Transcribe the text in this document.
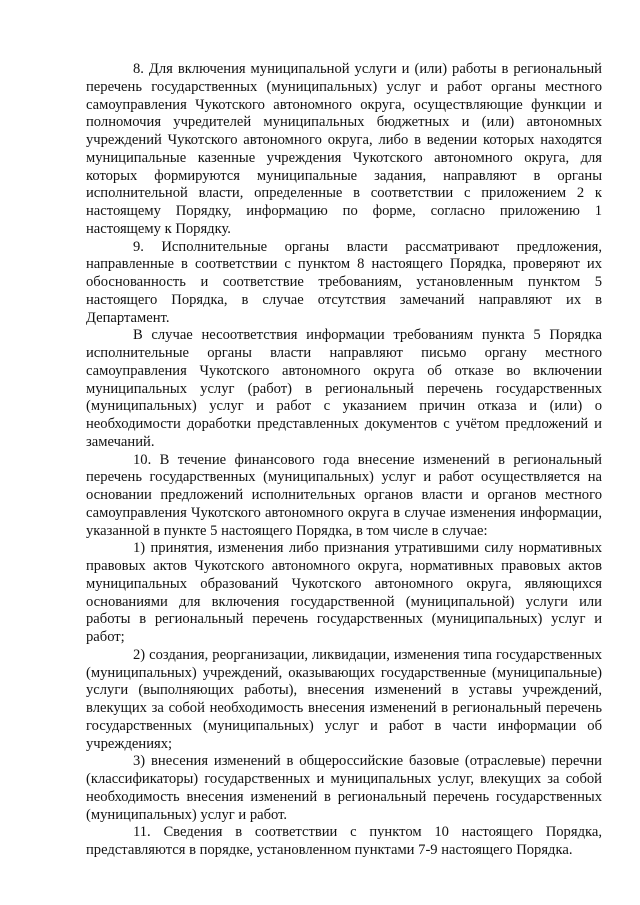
8. Для включения муниципальной услуги и (или) работы в региональный перечень государственных (муниципальных) услуг и работ органы местного самоуправления Чукотского автономного округа, осуществляющие функции и полномочия учредителей муниципальных бюджетных и (или) автономных учреждений Чукотского автономного округа, либо в ведении которых находятся муниципальные казенные учреждения Чукотского автономного округа, для которых формируются муниципальные задания, направляют в органы исполнительной власти, определенные в соответствии с приложением 2 к настоящему Порядку, информацию по форме, согласно приложению 1 настоящему к Порядку.

9. Исполнительные органы власти рассматривают предложения, направленные в соответствии с пунктом 8 настоящего Порядка, проверяют их обоснованность и соответствие требованиям, установленным пунктом 5 настоящего Порядка, в случае отсутствия замечаний направляют их в Департамент.

В случае несоответствия информации требованиям пункта 5 Порядка исполнительные органы власти направляют письмо органу местного самоуправления Чукотского автономного округа об отказе во включении муниципальных услуг (работ) в региональный перечень государственных (муниципальных) услуг и работ с указанием причин отказа и (или) о необходимости доработки представленных документов с учётом предложений и замечаний.

10. В течение финансового года внесение изменений в региональный перечень государственных (муниципальных) услуг и работ осуществляется на основании предложений исполнительных органов власти и органов местного самоуправления Чукотского автономного округа в случае изменения информации, указанной в пункте 5 настоящего Порядка, в том числе в случае:

1) принятия, изменения либо признания утратившими силу нормативных правовых актов Чукотского автономного округа, нормативных правовых актов муниципальных образований Чукотского автономного округа, являющихся основаниями для включения государственной (муниципальной) услуги или работы в региональный перечень государственных (муниципальных) услуг и работ;

2) создания, реорганизации, ликвидации, изменения типа государственных (муниципальных) учреждений, оказывающих государственные (муниципальные) услуги (выполняющих работы), внесения изменений в уставы учреждений, влекущих за собой необходимость внесения изменений в региональный перечень государственных (муниципальных) услуг и работ в части информации об учреждениях;

3) внесения изменений в общероссийские базовые (отраслевые) перечни (классификаторы) государственных и муниципальных услуг, влекущих за собой необходимость внесения изменений в региональный перечень государственных (муниципальных) услуг и работ.

11. Сведения в соответствии с пунктом 10 настоящего Порядка, представляются в порядке, установленном пунктами 7-9 настоящего Порядка.
